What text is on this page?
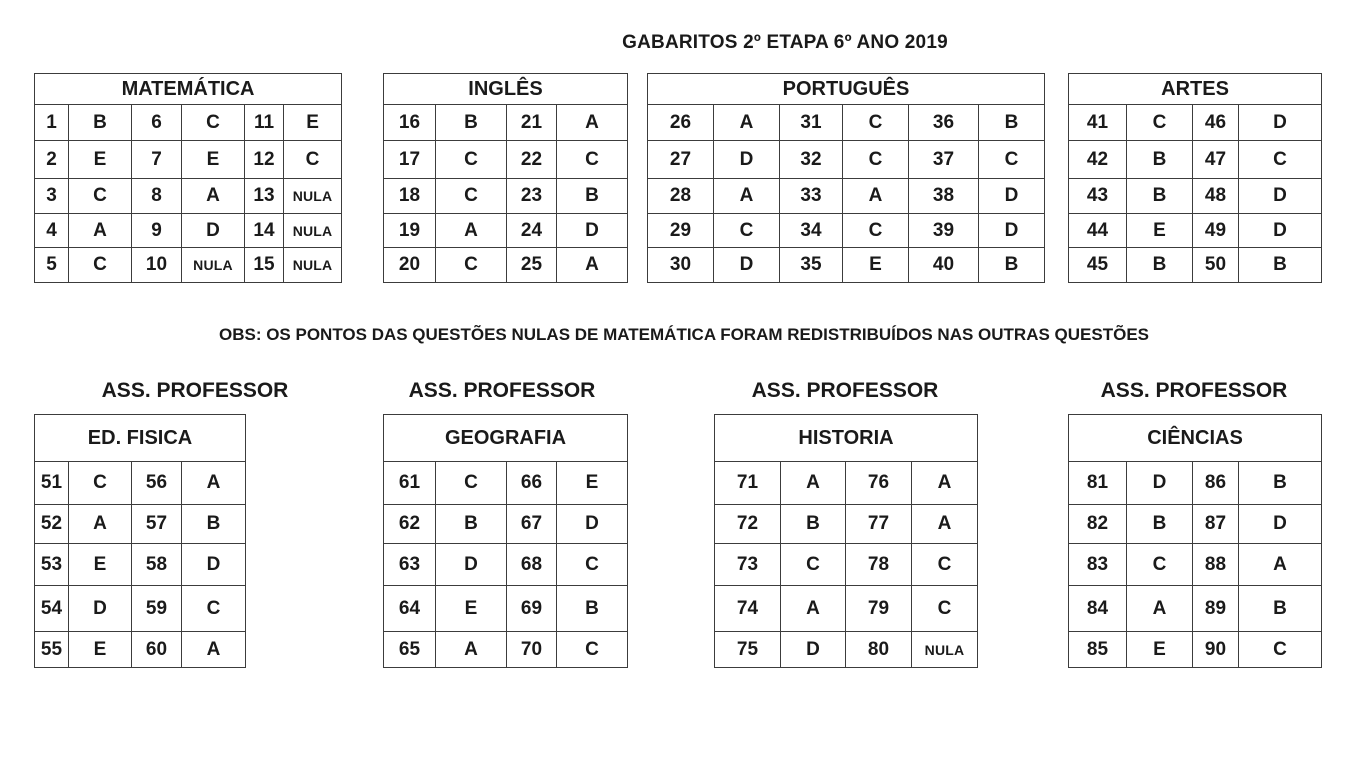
GABARITOS 2º ETAPA 6º ANO 2019
OBS: OS PONTOS DAS QUESTÕES NULAS DE MATEMÁTICA FORAM REDISTRIBUÍDOS NAS OUTRAS QUESTÕES
ASS. PROFESSOR	ASS. PROFESSOR	ASS. PROFESSOR	ASS. PROFESSOR
MATEMÁTICA					
1	B	6	C	11	E
2	E	7	E	12	C
3	C	8	A	13	NULA
4	A	9	D	14	NULA
5	C	10	NULA	15	NULA
INGLÊS			
16	B	21	A
17	C	22	C
18	C	23	B
19	A	24	D
20	C	25	A
PORTUGUÊS					
26	A	31	C	36	B
27	D	32	C	37	C
28	A	33	A	38	D
29	C	34	C	39	D
30	D	35	E	40	B
ARTES			
41	C	46	D
42	B	47	C
43	B	48	D
44	E	49	D
45	B	50	B
ED. FISICA			
51	C	56	A
52	A	57	B
53	E	58	D
54	D	59	C
55	E	60	A
GEOGRAFIA			
61	C	66	E
62	B	67	D
63	D	68	C
64	E	69	B
65	A	70	C
HISTORIA			
71	A	76	A
72	B	77	A
73	C	78	C
74	A	79	C
75	D	80	NULA
CIÊNCIAS			
81	D	86	B
82	B	87	D
83	C	88	A
84	A	89	B
85	E	90	C
